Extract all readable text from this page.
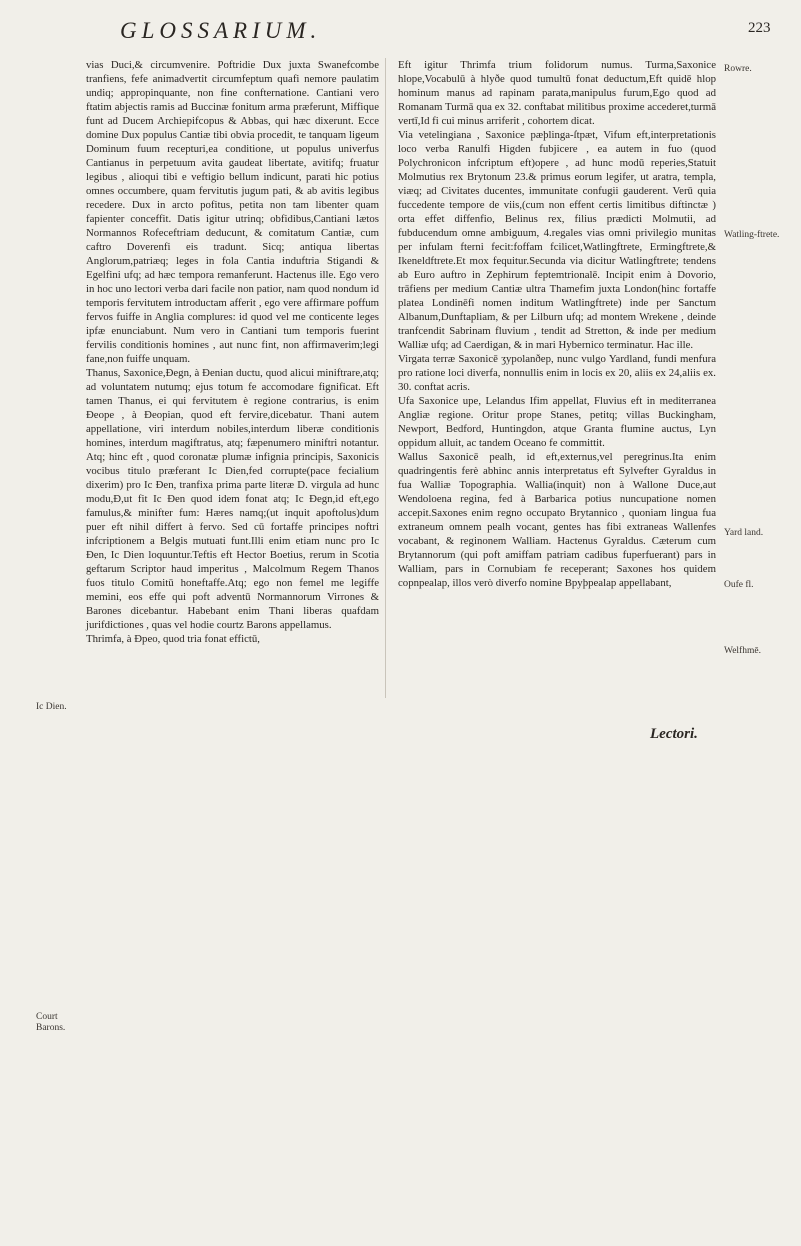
GLOSSARIUM.	223

vias Duci,& circumvenire. Poftridie Dux juxta Swanefcombe tranfiens, fefe animadvertit circumfeptum quafi nemore paulatim undiq; appropinquante, non fine confternatione. Cantiani vero ftatim abjectis ramis ad Buccinæ fonitum arma præferunt, Miffique funt ad Ducem Archiepifcopus & Abbas, qui hæc dixerunt. Ecce domine Dux populus Cantiæ tibi obvia procedit, te tanquam ligeum Dominum fuum recepturi,ea conditione, ut populus univerfus Cantianus in perpetuum avita gaudeat libertate, avitifq; fruatur legibus , alioqui tibi e veftigio bellum indicunt, parati hic potius omnes occumbere, quam fervitutis jugum pati, & ab avitis legibus recedere. Dux in arcto pofitus, petita non tam libenter quam fapienter conceffit. Datis igitur utrinq; obfidibus,Cantiani lætos Normannos Rofeceftriam deducunt, & comitatum Cantiæ, cum caftro Doverenfi eis tradunt. Sicq; antiqua libertas Anglorum,patriæq; leges in fola Cantia induftria Stigandi & Egelfini ufq; ad hæc tempora remanferunt. Hactenus ille. Ego vero in hoc uno lectori verba dari facile non patior, nam quod nondum id temporis fervitutem introductam afferit , ego vere affirmare poffum fervos fuiffe in Anglia complures: id quod vel me conticente leges ipfæ enunciabunt. Num vero in Cantiani tum temporis fuerint fervilis conditionis homines , aut nunc fint, non affirmaverim;legi fane,non fuiffe unquam.

Thanus, Saxonice,Ðegn, à Ðenian ductu, quod alicui miniftrare,atq; ad voluntatem nutumq; ejus totum fe accomodare fignificat. Eft tamen Thanus, ei qui fervitutem è regione contrarius, is enim Ðeope , à Ðeopian, quod eft fervire,dicebatur. Thani autem appellatione, viri interdum nobiles,interdum liberæ conditionis homines, interdum magiftratus, atq; fæpenumero miniftri notantur. Atq; hinc eft , quod coronatæ plumæ infignia principis, Saxonicis vocibus titulo præferant Ic Dien,fed corrupte(pace fecialium dixerim) pro Ic Ðen, tranfixa prima parte literæ D. virgula ad hunc modu,Ð,ut fit Ic Ðen quod idem fonat atq; Ic Ðegn,id eft,ego famulus,& minifter fum: Hæres namq;(ut inquit apoftolus)dum puer eft nihil differt à fervo. Sed cū fortaffe principes noftri infcriptionem a Belgis mutuati funt.Illi enim etiam nunc pro Ic Ðen, Ic Dien loquuntur.Teftis eft Hector Boetius, rerum in Scotia geftarum Scriptor haud imperitus , Malcolmum Regem Thanos fuos titulo Comitū honeftaffe.Atq; ego non femel me legiffe memini, eos effe qui poft adventū Normannorum Virrones & Barones dicebantur. Habebant enim Thani liberas quafdam jurifdictiones , quas vel hodie courtz Barons appellamus.

Thrimfa, à Ðpeo, quod tria fonat effictū,

Eft igitur Thrimfa trium folidorum numus. Turma,Saxonice hlope,Vocabulū à hlyðe quod tumultū fonat deductum,Eft quidē hlop hominum manus ad rapinam parata,manipulus furum,Ego quod ad Romanam Turmā qua ex 32. conftabat militibus proxime accederet,turmā vertī,Id fi cui minus arriferit , cohortem dicat.

Via vetelingiana , Saxonice pæþlinga-ſtpæt, Vifum eft,interpretationis loco verba Ranulfi Higden fubjicere , ea autem in fuo (quod Polychronicon infcriptum eft)opere , ad hunc modū reperies,Statuit Molmutius rex Brytonum 23.& primus eorum legifer, ut aratra, templa, viæq; ad Civitates ducentes, immunitate confugii gauderent. Verū quia fuccedente tempore de viis,(cum non effent certis limitibus diftinctæ ) orta effet diffenfio, Belinus rex, filius prædicti Molmutii, ad fubducendum omne ambiguum, 4.regales vias omni privilegio munitas per infulam fterni fecit:foffam fcilicet,Watlingftrete, Ermingftrete,& Ikeneldftrete.Et mox fequitur.Secunda via dicitur Watlingftrete; tendens ab Euro auftro in Zephirum feptemtrionalē. Incipit enim à Dovorio, trāfiens per medium Cantiæ ultra Thamefim juxta London(hinc fortaffe platea Londinēfi nomen inditum Watlingftrete) inde per Sanctum Albanum,Dunftapliam, & per Lilburn ufq; ad montem Wrekene , deinde tranfcendit Sabrinam fluvium , tendit ad Stretton, & inde per medium Walliæ ufq; ad Caerdigan, & in mari Hybernico terminatur. Hac ille.

Virgata terræ Saxonicē ʒypolanðep, nunc vulgo Yardland, fundi menfura pro ratione loci diverfa, nonnullis enim in locis ex 20, aliis ex 24,aliis ex. 30. conftat acris.

Ufa Saxonice upe, Lelandus Ifim appellat, Fluvius eft in mediterranea Angliæ regione. Oritur prope Stanes, petitq; villas Buckingham, Newport, Bedford, Huntingdon, atque Granta flumine auctus, Lyn oppidum alluit, ac tandem Oceano fe committit.

Wallus Saxonicē pealh, id eft,externus,vel peregrinus.Ita enim quadringentis ferè abhinc annis interpretatus eft Sylvefter Gyraldus in fua Walliæ Topographia. Wallia(inquit) non à Wallone Duce,aut Wendoloena regina, fed à Barbarica potius nuncupatione nomen accepit.Saxones enim regno occupato Brytannico , quoniam lingua fua extraneum omnem pealh vocant, gentes has fibi extraneas Wallenfes vocabant, & reginonem Walliam. Hactenus Gyraldus. Cæterum cum Brytannorum (qui poft amiffam patriam cadibus fuperfuerant) pars in Walliam, pars in Cornubiam fe receperant; Saxones hos quidem copnpealap, illos verò diverfo nomine Bpyþpealap appellabant,

Ic Dien.
Court Barons.
Rowre.
Watling-ftrete.
Yard land.
Oufe fl.
Welfhmē.
Lectori.
